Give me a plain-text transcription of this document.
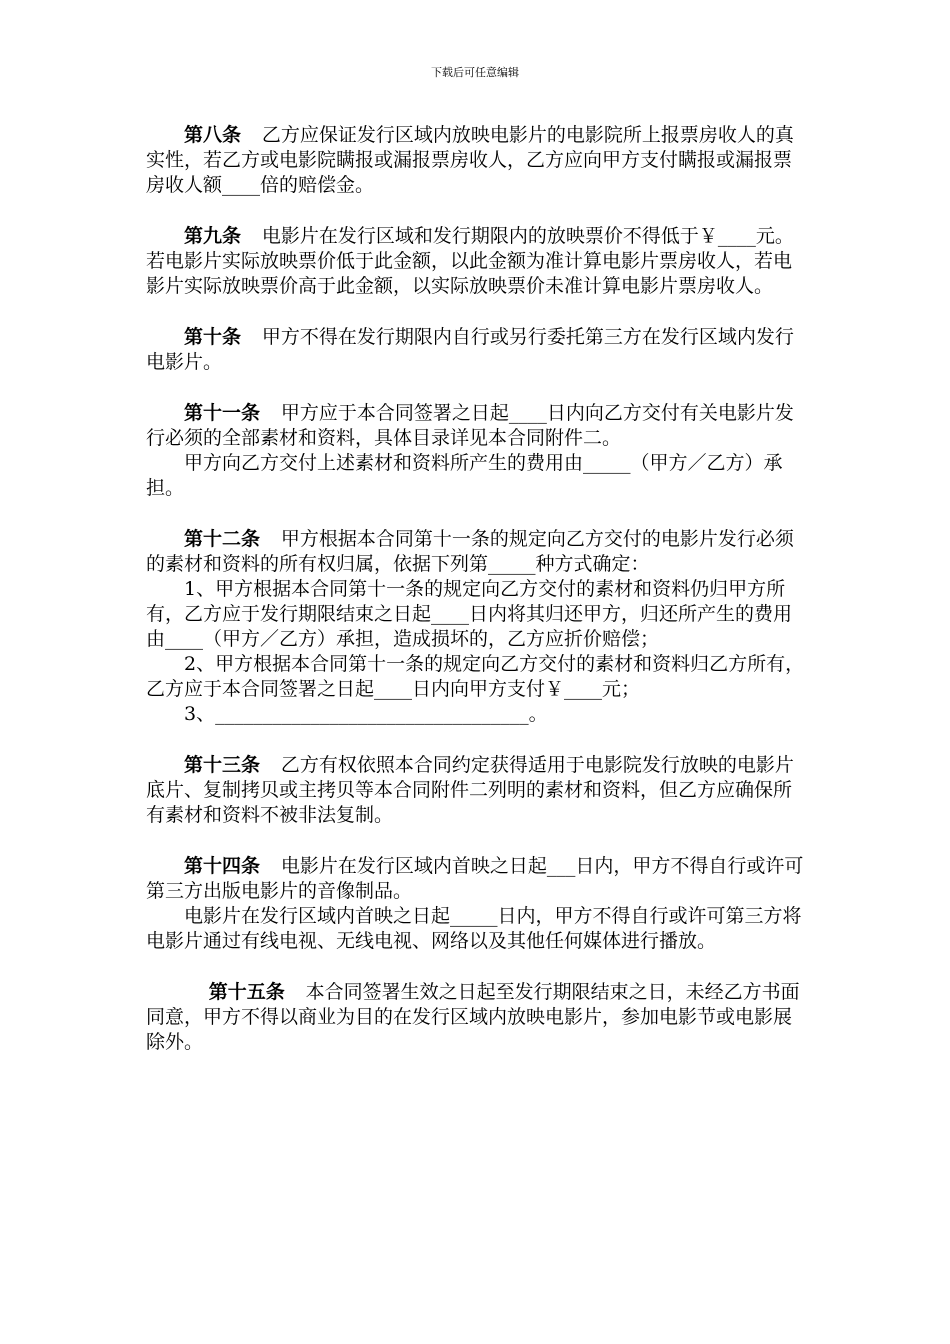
下载后可任意编辑

第八条 乙方应保证发行区域内放映电影片的电影院所上报票房收人的真实性，若乙方或电影院瞒报或漏报票房收人，乙方应向甲方支付瞒报或漏报票房收人额____倍的赔偿金。

第九条 电影片在发行区域和发行期限内的放映票价不得低于￥____元。若电影片实际放映票价低于此金额，以此金额为准计算电影片票房收人，若电影片实际放映票价高于此金额，以实际放映票价未准计算电影片票房收人。

第十条 甲方不得在发行期限内自行或另行委托第三方在发行区域内发行电影片。

第十一条 甲方应于本合同签署之日起____日内向乙方交付有关电影片发行必须的全部素材和资料，具体目录详见本合同附件二。

甲方向乙方交付上述素材和资料所产生的费用由_____（甲方／乙方）承担。

第十二条 甲方根据本合同第十一条的规定向乙方交付的电影片发行必须的素材和资料的所有权归属，依据下列第_____种方式确定：

1、甲方根据本合同第十一条的规定向乙方交付的素材和资料仍归甲方所有，乙方应于发行期限结束之日起____日内将其归还甲方，归还所产生的费用由____（甲方／乙方）承担，造成损坏的，乙方应折价赔偿；

2、甲方根据本合同第十一条的规定向乙方交付的素材和资料归乙方所有，乙方应于本合同签署之日起____日内向甲方支付￥____元；

3、_________________________________。

第十三条 乙方有权依照本合同约定获得适用于电影院发行放映的电影片底片、复制拷贝或主拷贝等本合同附件二列明的素材和资料，但乙方应确保所有素材和资料不被非法复制。

第十四条 电影片在发行区域内首映之日起___日内，甲方不得自行或许可第三方出版电影片的音像制品。

电影片在发行区域内首映之日起_____日内，甲方不得自行或许可第三方将电影片通过有线电视、无线电视、网络以及其他任何媒体进行播放。

第十五条 本合同签署生效之日起至发行期限结束之日，未经乙方书面同意，甲方不得以商业为目的在发行区域内放映电影片，参加电影节或电影展除外。
